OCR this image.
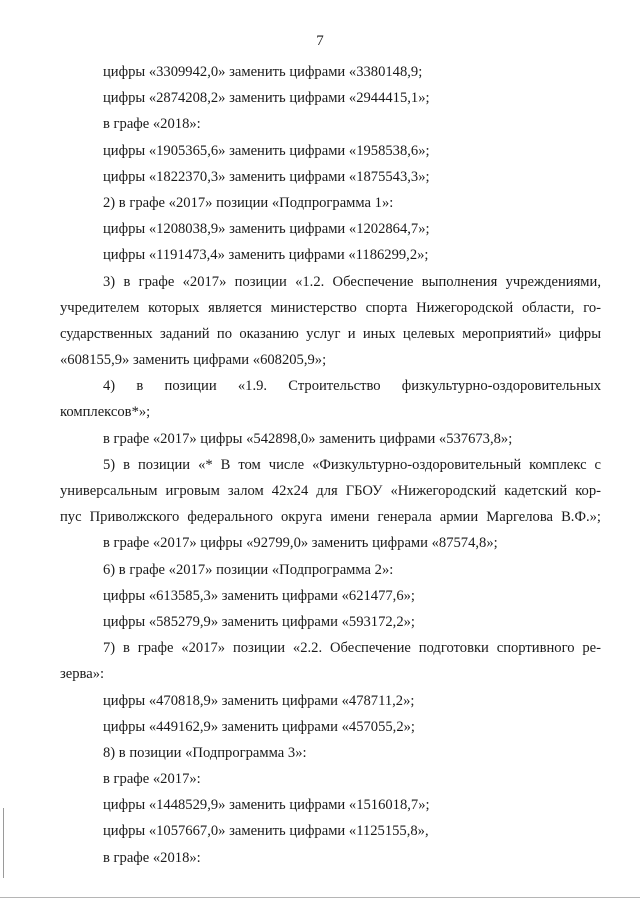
7
цифры «3309942,0» заменить цифрами «3380148,9;
цифры «2874208,2» заменить цифрами «2944415,1»;
в графе «2018»:
цифры «1905365,6» заменить цифрами «1958538,6»;
цифры «1822370,3» заменить цифрами «1875543,3»;
2) в графе «2017» позиции «Подпрограмма 1»:
цифры «1208038,9» заменить цифрами «1202864,7»;
цифры «1191473,4» заменить цифрами «1186299,2»;
3) в графе «2017» позиции «1.2. Обеспечение выполнения учреждениями,
учредителем которых является министерство спорта Нижегородской области, го-
сударственных заданий по оказанию услуг и иных целевых мероприятий» цифры
«608155,9» заменить цифрами «608205,9»;
4) в позиции «1.9. Строительство физкультурно-оздоровительных
комплексов*»;
в графе «2017» цифры «542898,0» заменить цифрами «537673,8»;
5) в позиции «* В том числе «Физкультурно-оздоровительный комплекс с
универсальным игровым залом 42х24 для ГБОУ «Нижегородский кадетский кор-
пус Приволжского федерального округа имени генерала армии Маргелова В.Ф.»;
в графе «2017» цифры «92799,0» заменить цифрами «87574,8»;
6) в графе «2017» позиции «Подпрограмма 2»:
цифры «613585,3» заменить цифрами «621477,6»;
цифры «585279,9» заменить цифрами «593172,2»;
7) в графе «2017» позиции «2.2. Обеспечение подготовки спортивного ре-
зерва»:
цифры «470818,9» заменить цифрами «478711,2»;
цифры «449162,9» заменить цифрами «457055,2»;
8) в позиции «Подпрограмма 3»:
в графе «2017»:
цифры «1448529,9» заменить цифрами «1516018,7»;
цифры «1057667,0» заменить цифрами «1125155,8»,
в графе «2018»:
